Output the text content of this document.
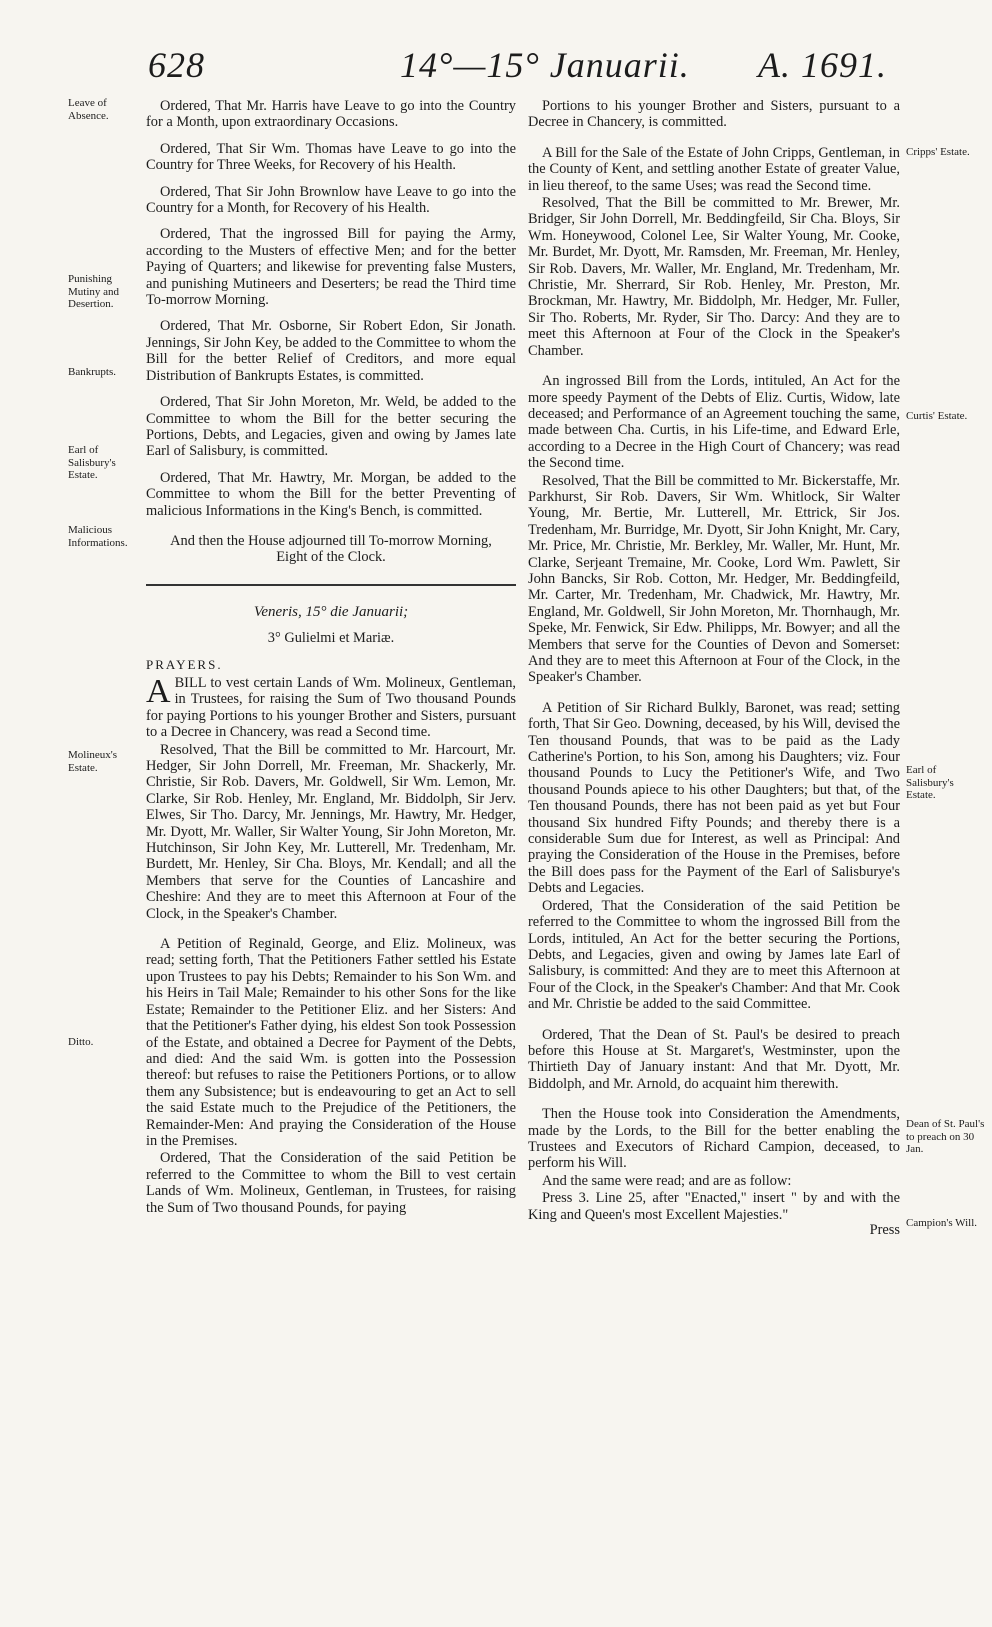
628	14°—15° Januarii. A. 1691.
Leave of Absence.
Punishing Mutiny and Desertion.
Bankrupts.
Earl of Salisbury's Estate.
Malicious Informations.
Molineux's Estate.
Ditto.
Cripps' Estate.
Curtis' Estate.
Earl of Salisbury's Estate.
Dean of St. Paul's to preach on 30 Jan.
Campion's Will.
Ordered, That Mr. Harris have Leave to go into the Country for a Month, upon extraordinary Occasions.
Ordered, That Sir Wm. Thomas have Leave to go into the Country for Three Weeks, for Recovery of his Health.
Ordered, That Sir John Brownlow have Leave to go into the Country for a Month, for Recovery of his Health.
Ordered, That the ingrossed Bill for paying the Army, according to the Musters of effective Men; and for the better Paying of Quarters; and likewise for preventing false Musters, and punishing Mutineers and Deserters; be read the Third time To-morrow Morning.
Ordered, That Mr. Osborne, Sir Robert Edon, Sir Jonath. Jennings, Sir John Key, be added to the Committee to whom the Bill for the better Relief of Creditors, and more equal Distribution of Bankrupts Estates, is committed.
Ordered, That Sir John Moreton, Mr. Weld, be added to the Committee to whom the Bill for the better securing the Portions, Debts, and Legacies, given and owing by James late Earl of Salisbury, is committed.
Ordered, That Mr. Hawtry, Mr. Morgan, be added to the Committee to whom the Bill for the better Preventing of malicious Informations in the King's Bench, is committed.
And then the House adjourned till To-morrow Morning, Eight of the Clock.
Veneris, 15° die Januarii;
3° Gulielmi et Mariæ.
PRAYERS.
A BILL to vest certain Lands of Wm. Molineux, Gentleman, in Trustees, for raising the Sum of Two thousand Pounds for paying Portions to his younger Brother and Sisters, pursuant to a Decree in Chancery, was read a Second time.
Resolved, That the Bill be committed to Mr. Harcourt, Mr. Hedger, Sir John Dorrell, Mr. Freeman, Mr. Shackerly, Mr. Christie, Sir Rob. Davers, Mr. Goldwell, Sir Wm. Lemon, Mr. Clarke, Sir Rob. Henley, Mr. England, Mr. Biddolph, Sir Jerv. Elwes, Sir Tho. Darcy, Mr. Jennings, Mr. Hawtry, Mr. Hedger, Mr. Dyott, Mr. Waller, Sir Walter Young, Sir John Moreton, Mr. Hutchinson, Sir John Key, Mr. Lutterell, Mr. Tredenham, Mr. Burdett, Mr. Henley, Sir Cha. Bloys, Mr. Kendall; and all the Members that serve for the Counties of Lancashire and Cheshire: And they are to meet this Afternoon at Four of the Clock, in the Speaker's Chamber.
A Petition of Reginald, George, and Eliz. Molineux, was read; setting forth, That the Petitioners Father settled his Estate upon Trustees to pay his Debts; Remainder to his Son Wm. and his Heirs in Tail Male; Remainder to his other Sons for the like Estate; Remainder to the Petitioner Eliz. and her Sisters: And that the Petitioner's Father dying, his eldest Son took Possession of the Estate, and obtained a Decree for Payment of the Debts, and died: And the said Wm. is gotten into the Possession thereof: but refuses to raise the Petitioners Portions, or to allow them any Subsistence; but is endeavouring to get an Act to sell the said Estate much to the Prejudice of the Petitioners, the Remainder-Men: And praying the Consideration of the House in the Premises.
Ordered, That the Consideration of the said Petition be referred to the Committee to whom the Bill to vest certain Lands of Wm. Molineux, Gentleman, in Trustees, for raising the Sum of Two thousand Pounds, for paying
Portions to his younger Brother and Sisters, pursuant to a Decree in Chancery, is committed.
A Bill for the Sale of the Estate of John Cripps, Gentleman, in the County of Kent, and settling another Estate of greater Value, in lieu thereof, to the same Uses; was read the Second time.
Resolved, That the Bill be committed to Mr. Brewer, Mr. Bridger, Sir John Dorrell, Mr. Beddingfeild, Sir Cha. Bloys, Sir Wm. Honeywood, Colonel Lee, Sir Walter Young, Mr. Cooke, Mr. Burdet, Mr. Dyott, Mr. Ramsden, Mr. Freeman, Mr. Henley, Sir Rob. Davers, Mr. Waller, Mr. England, Mr. Tredenham, Mr. Christie, Mr. Sherrard, Sir Rob. Henley, Mr. Preston, Mr. Brockman, Mr. Hawtry, Mr. Biddolph, Mr. Hedger, Mr. Fuller, Sir Tho. Roberts, Mr. Ryder, Sir Tho. Darcy: And they are to meet this Afternoon at Four of the Clock in the Speaker's Chamber.
An ingrossed Bill from the Lords, intituled, An Act for the more speedy Payment of the Debts of Eliz. Curtis, Widow, late deceased; and Performance of an Agreement touching the same, made between Cha. Curtis, in his Life-time, and Edward Erle, according to a Decree in the High Court of Chancery; was read the Second time.
Resolved, That the Bill be committed to Mr. Bickerstaffe, Mr. Parkhurst, Sir Rob. Davers, Sir Wm. Whitlock, Sir Walter Young, Mr. Bertie, Mr. Lutterell, Mr. Ettrick, Sir Jos. Tredenham, Mr. Burridge, Mr. Dyott, Sir John Knight, Mr. Cary, Mr. Price, Mr. Christie, Mr. Berkley, Mr. Waller, Mr. Hunt, Mr. Clarke, Serjeant Tremaine, Mr. Cooke, Lord Wm. Pawlett, Sir John Bancks, Sir Rob. Cotton, Mr. Hedger, Mr. Beddingfeild, Mr. Carter, Mr. Tredenham, Mr. Chadwick, Mr. Hawtry, Mr. England, Mr. Goldwell, Sir John Moreton, Mr. Thornhaugh, Mr. Speke, Mr. Fenwick, Sir Edw. Philipps, Mr. Bowyer; and all the Members that serve for the Counties of Devon and Somerset: And they are to meet this Afternoon at Four of the Clock, in the Speaker's Chamber.
A Petition of Sir Richard Bulkly, Baronet, was read; setting forth, That Sir Geo. Downing, deceased, by his Will, devised the Ten thousand Pounds, that was to be paid as the Lady Catherine's Portion, to his Son, among his Daughters; viz. Four thousand Pounds to Lucy the Petitioner's Wife, and Two thousand Pounds apiece to his other Daughters; but that, of the Ten thousand Pounds, there has not been paid as yet but Four thousand Six hundred Fifty Pounds; and thereby there is a considerable Sum due for Interest, as well as Principal: And praying the Consideration of the House in the Premises, before the Bill does pass for the Payment of the Earl of Salisburye's Debts and Legacies.
Ordered, That the Consideration of the said Petition be referred to the Committee to whom the ingrossed Bill from the Lords, intituled, An Act for the better securing the Portions, Debts, and Legacies, given and owing by James late Earl of Salisbury, is committed: And they are to meet this Afternoon at Four of the Clock, in the Speaker's Chamber: And that Mr. Cook and Mr. Christie be added to the said Committee.
Ordered, That the Dean of St. Paul's be desired to preach before this House at St. Margaret's, Westminster, upon the Thirtieth Day of January instant: And that Mr. Dyott, Mr. Biddolph, and Mr. Arnold, do acquaint him therewith.
Then the House took into Consideration the Amendments, made by the Lords, to the Bill for the better enabling the Trustees and Executors of Richard Campion, deceased, to perform his Will.
And the same were read; and are as follow:
Press 3. Line 25, after "Enacted," insert " by and with the King and Queen's most Excellent Majesties."
Press
